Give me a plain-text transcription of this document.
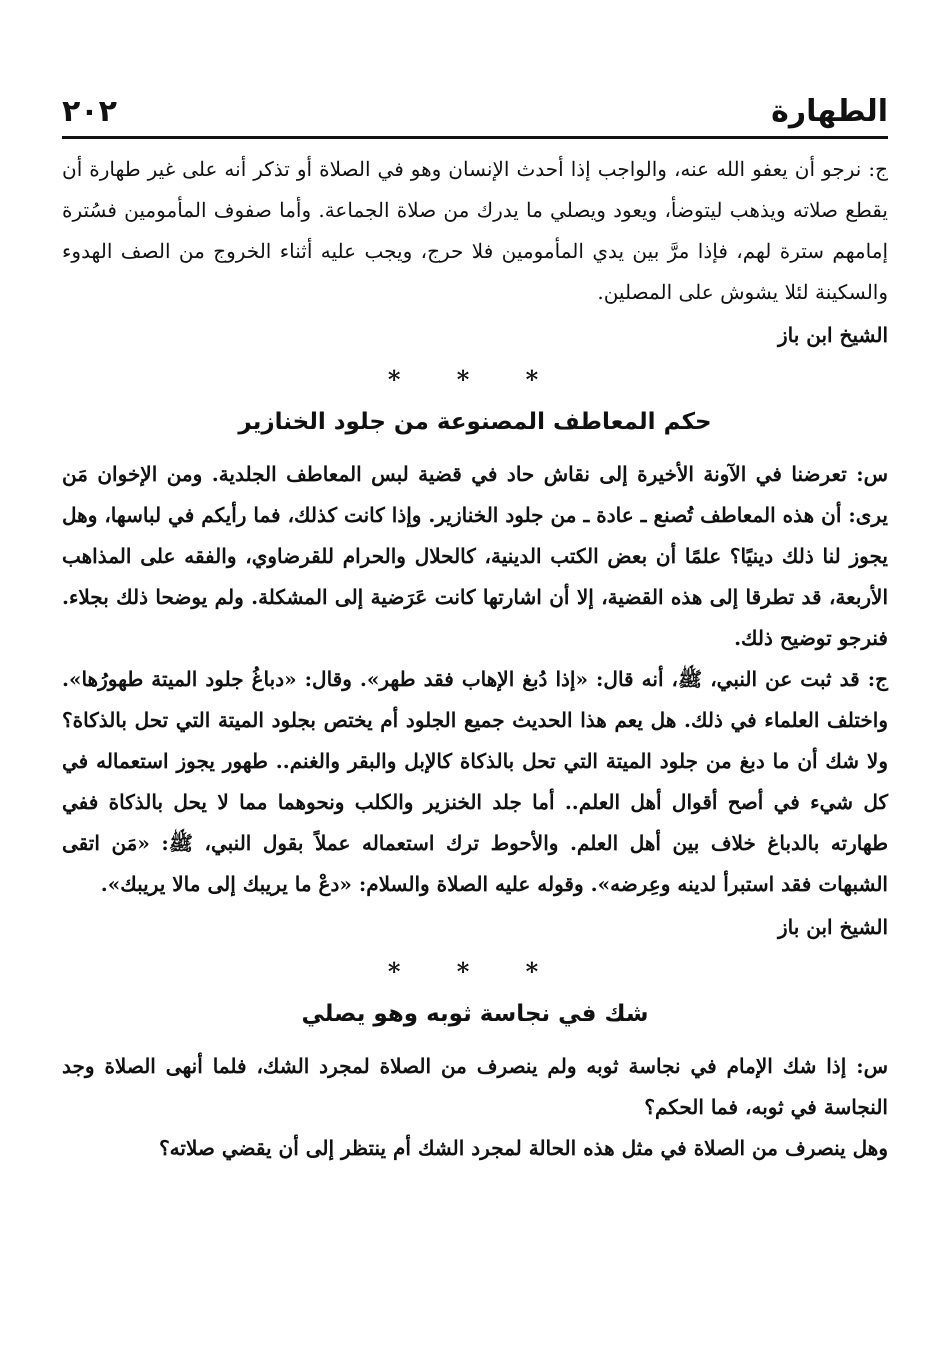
الطهارة
٢٠٢

ج: نرجو أن يعفو الله عنه، والواجب إذا أحدث الإنسان وهو في الصلاة أو تذكر أنه على غير طهارة أن يقطع صلاته ويذهب ليتوضأ، ويعود ويصلي ما يدرك من صلاة الجماعة. وأما صفوف المأمومين فسُترة إمامهم سترة لهم، فإذا مرَّ بين يدي المأمومين فلا حرج، ويجب عليه أثناء الخروج من الصف الهدوء والسكينة لئلا يشوش على المصلين.

الشيخ ابن باز
* * *
حكم المعاطف المصنوعة من جلود الخنازير

س: تعرضنا في الآونة الأخيرة إلى نقاش حاد في قضية لبس المعاطف الجلدية. ومن الإخوان مَن يرى: أن هذه المعاطف تُصنع ـ عادة ـ من جلود الخنازير. وإذا كانت كذلك، فما رأيكم في لباسها، وهل يجوز لنا ذلك دينيًا؟ علمًا أن بعض الكتب الدينية، كالحلال والحرام للقرضاوي، والفقه على المذاهب الأربعة، قد تطرقا إلى هذه القضية، إلا أن اشارتها كانت عَرَضية إلى المشكلة. ولم يوضحا ذلك بجلاء. فنرجو توضيح ذلك.

ج: قد ثبت عن النبي، ﷺ، أنه قال: «إذا دُبغ الإهاب فقد طهر». وقال: «دباغُ جلود الميتة طهورُها». واختلف العلماء في ذلك. هل يعم هذا الحديث جميع الجلود أم يختص بجلود الميتة التي تحل بالذكاة؟ ولا شك أن ما دبغ من جلود الميتة التي تحل بالذكاة كالإبل والبقر والغنم.. طهور يجوز استعماله في كل شيء في أصح أقوال أهل العلم.. أما جلد الخنزير والكلب ونحوهما مما لا يحل بالذكاة ففي طهارته بالدباغ خلاف بين أهل العلم. والأحوط ترك استعماله عملاً بقول النبي، ﷺ: «مَن اتقى الشبهات فقد استبرأ لدينه وعِرضه». وقوله عليه الصلاة والسلام: «دعْ ما يريبك إلى مالا يريبك».

الشيخ ابن باز
* * *
شك في نجاسة ثوبه وهو يصلي

س: إذا شك الإمام في نجاسة ثوبه ولم ينصرف من الصلاة لمجرد الشك، فلما أنهى الصلاة وجد النجاسة في ثوبه، فما الحكم؟

وهل ينصرف من الصلاة في مثل هذه الحالة لمجرد الشك أم ينتظر إلى أن يقضي صلاته؟
